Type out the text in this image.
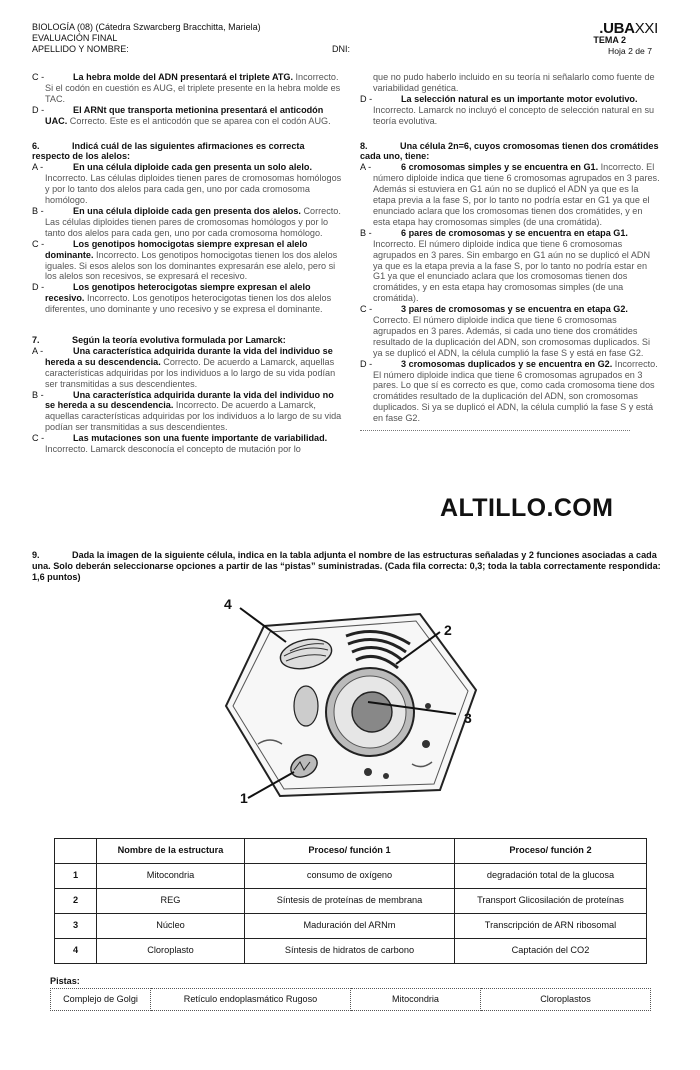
BIOLOGÍA (08) (Cátedra Szwarcberg Bracchitta, Mariela)
EVALUACIÓN FINAL
APELLIDO Y NOMBRE:	DNI:
.UBAXXI
TEMA 2
Hoja 2 de 7
C -	La hebra molde del ADN presentará el triplete ATG. Incorrecto. Si el codón en cuestión es AUG, el triplete presente en la hebra molde es TAC.
D -	El ARNt que transporta metionina presentará el anticodón UAC. Correcto. Este es el anticodón que se aparea con el codón AUG.
6.	Indicá cuál de las siguientes afirmaciones es correcta respecto de los alelos:
A -	En una célula diploide cada gen presenta un solo alelo. Incorrecto. Las células diploides tienen pares de cromosomas homólogos y por lo tanto dos alelos para cada gen, uno por cada cromosoma homólogo.
B -	En una célula diploide cada gen presenta dos alelos. Correcto. Las células diploides tienen pares de cromosomas homólogos y por lo tanto dos alelos para cada gen, uno por cada cromosoma homólogo.
C -	Los genotipos homocigotas siempre expresan el alelo dominante. Incorrecto. Los genotipos homocigotas tienen los dos alelos iguales. Si esos alelos son los dominantes expresarán ese alelo, pero si los alelos son recesivos, se expresará el recesivo.
D -	Los genotipos heterocigotas siempre expresan el alelo recesivo. Incorrecto. Los genotipos heterocigotas tienen los dos alelos diferentes, uno dominante y uno recesivo y se expresa el dominante.
7.	Según la teoría evolutiva formulada por Lamarck:
A -	Una característica adquirida durante la vida del individuo se hereda a su descendencia. Correcto. De acuerdo a Lamarck, aquellas características adquiridas por los individuos a lo largo de su vida podían ser transmitidas a sus descendientes.
B -	Una característica adquirida durante la vida del individuo no se hereda a su descendencia. Incorrecto. De acuerdo a Lamarck, aquellas características adquiridas por los individuos a lo largo de su vida podían ser transmitidas a sus descendientes.
C -	Las mutaciones son una fuente importante de variabilidad. Incorrecto. Lamarck desconocía el concepto de mutación por lo
que no pudo haberlo incluido en su teoría ni señalarlo como fuente de variabilidad genética.
D -	La selección natural es un importante motor evolutivo. Incorrecto. Lamarck no incluyó el concepto de selección natural en su teoría evolutiva.
8.	Una célula 2n=6, cuyos cromosomas tienen dos cromátides cada uno, tiene:
A -	6 cromosomas simples y se encuentra en G1. Incorrecto. El número diploide indica que tiene 6 cromosomas agrupados en 3 pares. Además si estuviera en G1 aún no se duplicó el ADN ya que es la etapa previa a la fase S, por lo tanto no podría estar en G1 ya que el enunciado aclara que los cromosomas tienen dos cromátides, y en esta etapa hay cromosomas simples (de una cromátida).
B -	6 pares de cromosomas y se encuentra en etapa G1. Incorrecto. El número diploide indica que tiene 6 cromosomas agrupados en 3 pares. Sin embargo en G1 aún no se duplicó el ADN ya que es la etapa previa a la fase S, por lo tanto no podría estar en G1 ya que el enunciado aclara que los cromosomas tienen dos cromátides, y en esta etapa hay cromosomas simples (de una cromátida).
C -	3 pares de cromosomas y se encuentra en etapa G2. Correcto. El número diploide indica que tiene 6 cromosomas agrupados en 3 pares. Además, si cada uno tiene dos cromátides resultado de la duplicación del ADN, son cromosomas duplicados. Si ya se duplicó el ADN, la célula cumplió la fase S y está en fase G2.
D -	3 cromosomas duplicados y se encuentra en G2. Incorrecto. El número diploide indica que tiene 6 cromosomas agrupados en 3 pares. Lo que sí es correcto es que, como cada cromosoma tiene dos cromátides resultado de la duplicación del ADN, son cromosomas duplicados. Si ya se duplicó el ADN, la célula cumplió la fase S y está en fase G2.
ALTILLO.COM
9.	Dada la imagen de la siguiente célula, indica en la tabla adjunta el nombre de las estructuras señaladas y 2 funciones asociadas a cada una. Solo deberán seleccionarse opciones a partir de las “pistas” suministradas. (Cada fila correcta: 0,3; toda la tabla correctamente respondida: 1,6 puntos)
4
2
3
1
	Nombre de la estructura	Proceso/ función 1	Proceso/ función 2
1	Mitocondria	consumo de oxígeno	degradación total de la glucosa
2	REG	Síntesis de proteínas de membrana	Transport Glicosilación de proteínas
3	Núcleo	Maduración del ARNm	Transcripción de ARN ribosomal
4	Cloroplasto	Síntesis de hidratos de carbono	Captación del CO2
Pistas:
Complejo de Golgi	Retículo endoplasmático Rugoso	Mitocondria	Cloroplastos
